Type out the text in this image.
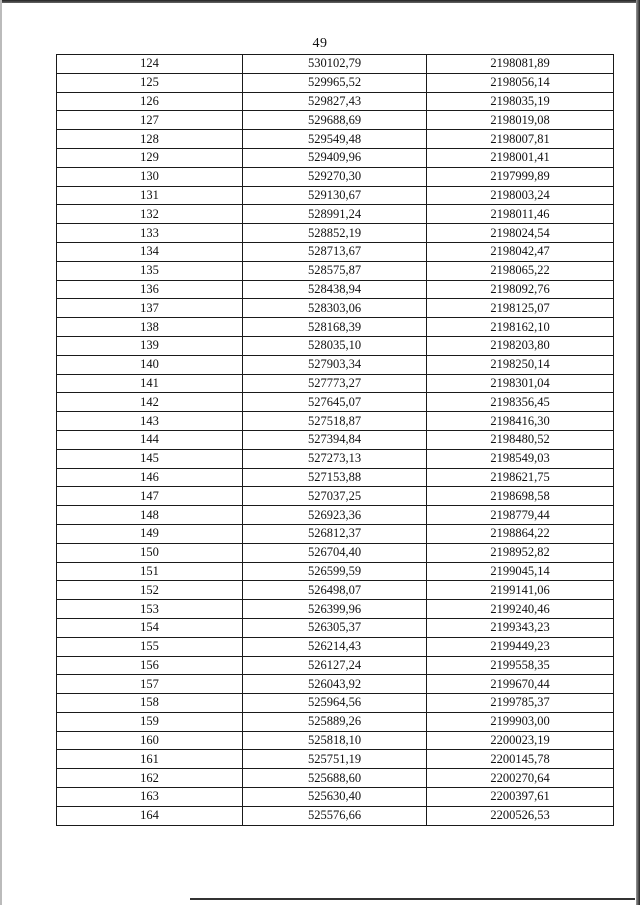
49
124	530102,79	2198081,89
125	529965,52	2198056,14
126	529827,43	2198035,19
127	529688,69	2198019,08
128	529549,48	2198007,81
129	529409,96	2198001,41
130	529270,30	2197999,89
131	529130,67	2198003,24
132	528991,24	2198011,46
133	528852,19	2198024,54
134	528713,67	2198042,47
135	528575,87	2198065,22
136	528438,94	2198092,76
137	528303,06	2198125,07
138	528168,39	2198162,10
139	528035,10	2198203,80
140	527903,34	2198250,14
141	527773,27	2198301,04
142	527645,07	2198356,45
143	527518,87	2198416,30
144	527394,84	2198480,52
145	527273,13	2198549,03
146	527153,88	2198621,75
147	527037,25	2198698,58
148	526923,36	2198779,44
149	526812,37	2198864,22
150	526704,40	2198952,82
151	526599,59	2199045,14
152	526498,07	2199141,06
153	526399,96	2199240,46
154	526305,37	2199343,23
155	526214,43	2199449,23
156	526127,24	2199558,35
157	526043,92	2199670,44
158	525964,56	2199785,37
159	525889,26	2199903,00
160	525818,10	2200023,19
161	525751,19	2200145,78
162	525688,60	2200270,64
163	525630,40	2200397,61
164	525576,66	2200526,53
